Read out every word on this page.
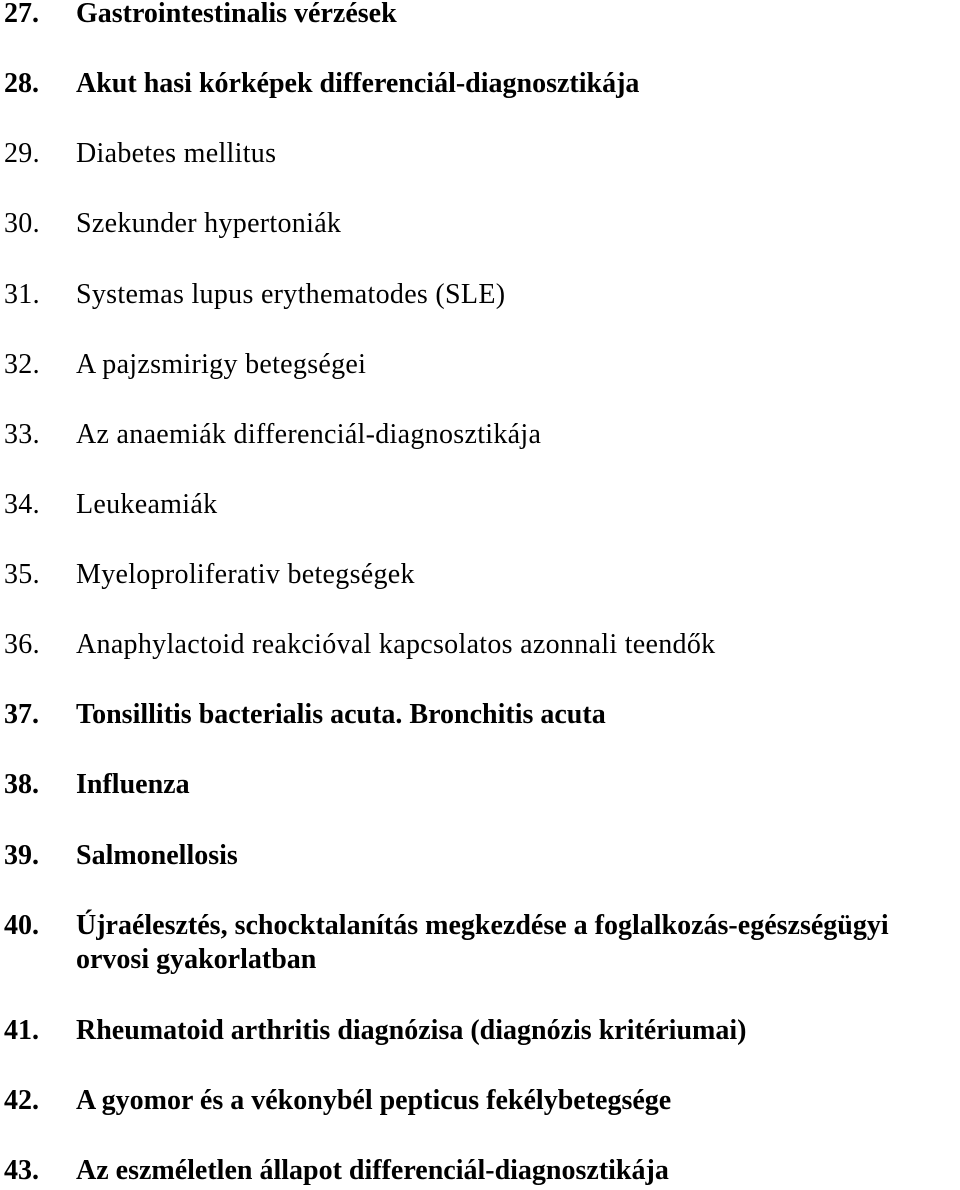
27. Gastrointestinalis vérzések
28. Akut hasi kórképek differenciál-diagnosztikája
29. Diabetes mellitus
30. Szekunder hypertoniák
31. Systemas lupus erythematodes (SLE)
32. A pajzsmirigy betegségei
33. Az anaemiák differenciál-diagnosztikája
34. Leukeamiák
35. Myeloproliferativ betegségek
36. Anaphylactoid reakcióval kapcsolatos azonnali teendők
37. Tonsillitis bacterialis acuta. Bronchitis acuta
38. Influenza
39. Salmonellosis
40. Újraélesztés, schocktalanítás megkezdése a foglalkozás-egészségügyi
orvosi gyakorlatban
41. Rheumatoid arthritis diagnózisa (diagnózis kritériumai)
42. A gyomor és a vékonybél pepticus fekélybetegsége
43. Az eszméletlen állapot differenciál-diagnosztikája
